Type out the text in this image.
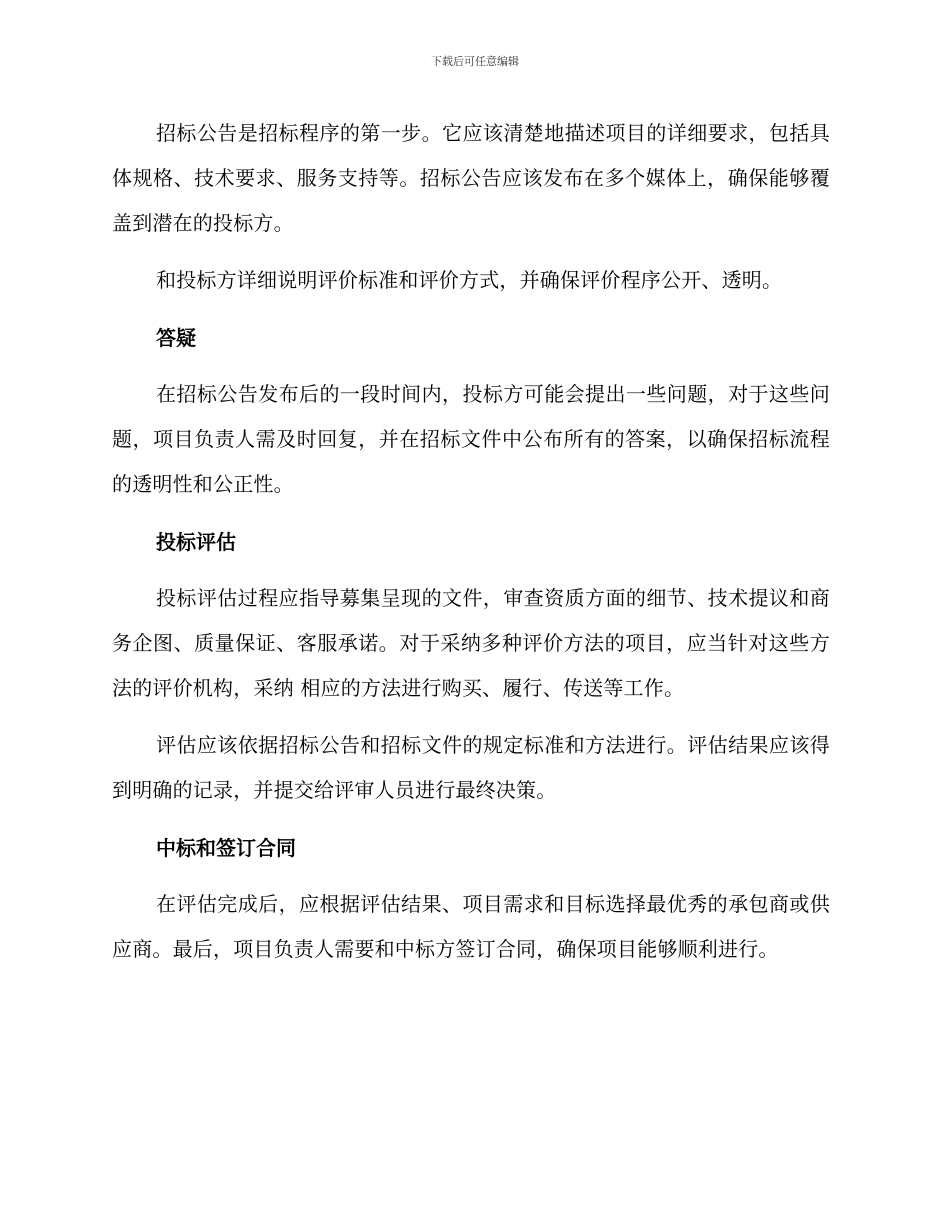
下载后可任意编辑

招标公告是招标程序的第一步。它应该清楚地描述项目的详细要求，包括具体规格、技术要求、服务支持等。招标公告应该发布在多个媒体上，确保能够覆盖到潜在的投标方。

和投标方详细说明评价标准和评价方式，并确保评价程序公开、透明。

答疑

在招标公告发布后的一段时间内，投标方可能会提出一些问题，对于这些问题，项目负责人需及时回复，并在招标文件中公布所有的答案，以确保招标流程的透明性和公正性。

投标评估

投标评估过程应指导募集呈现的文件，审查资质方面的细节、技术提议和商务企图、质量保证、客服承诺。对于采纳多种评价方法的项目，应当针对这些方法的评价机构，采纳 相应的方法进行购买、履行、传送等工作。

评估应该依据招标公告和招标文件的规定标准和方法进行。评估结果应该得到明确的记录，并提交给评审人员进行最终决策。

中标和签订合同

在评估完成后，应根据评估结果、项目需求和目标选择最优秀的承包商或供应商。最后，项目负责人需要和中标方签订合同，确保项目能够顺利进行。
